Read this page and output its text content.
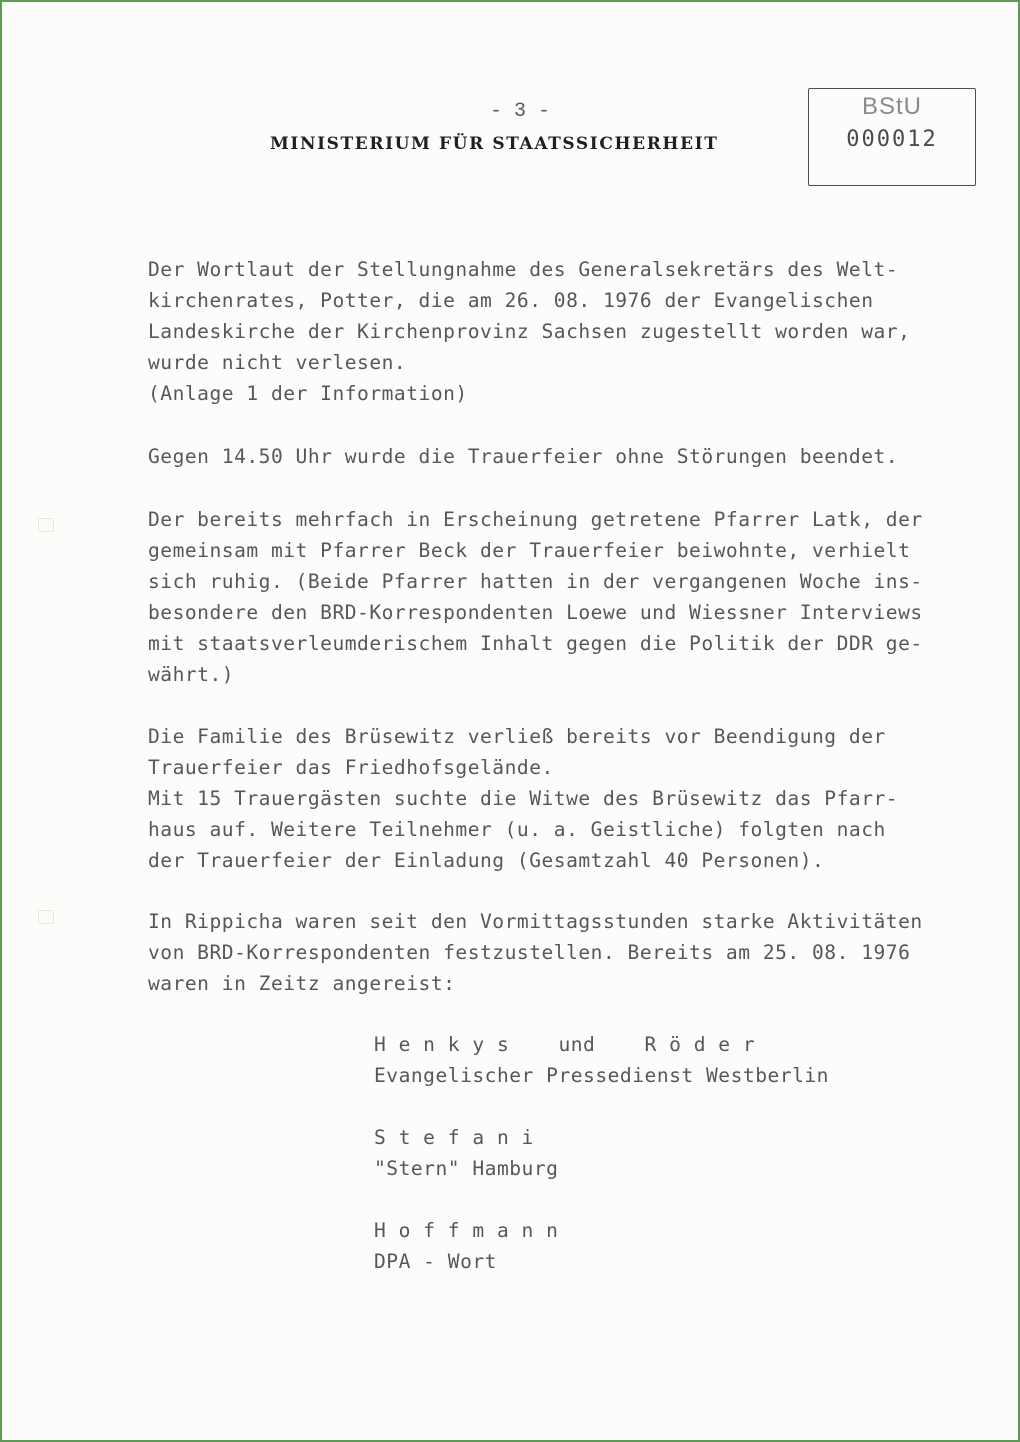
- 3 -
MINISTERIUM FÜR STAATSSICHERHEIT
BStU
000012

Der Wortlaut der Stellungnahme des Generalsekretärs des Welt-

kirchenrates, Potter, die am 26. 08. 1976 der Evangelischen

Landeskirche der Kirchenprovinz Sachsen zugestellt worden war,

wurde nicht verlesen.

(Anlage 1 der Information)

Gegen 14.50 Uhr wurde die Trauerfeier ohne Störungen beendet.

Der bereits mehrfach in Erscheinung getretene Pfarrer Latk, der

gemeinsam mit Pfarrer Beck der Trauerfeier beiwohnte, verhielt

sich ruhig. (Beide Pfarrer hatten in der vergangenen Woche ins-

besondere den BRD-Korrespondenten Loewe und Wiessner Interviews

mit staatsverleumderischem Inhalt gegen die Politik der DDR ge-

währt.)

Die Familie des Brüsewitz verließ bereits vor Beendigung der

Trauerfeier das Friedhofsgelände.

Mit 15 Trauergästen suchte die Witwe des Brüsewitz das Pfarr-

haus auf. Weitere Teilnehmer (u. a. Geistliche) folgten nach

der Trauerfeier der Einladung (Gesamtzahl 40 Personen).

In Rippicha waren seit den Vormittagsstunden starke Aktivitäten

von BRD-Korrespondenten festzustellen. Bereits am 25. 08. 1976

waren in Zeitz angereist:

H e n k y s    und    R ö d e r

Evangelischer Pressedienst Westberlin

S t e f a n i

"Stern" Hamburg

H o f f m a n n

DPA - Wort
